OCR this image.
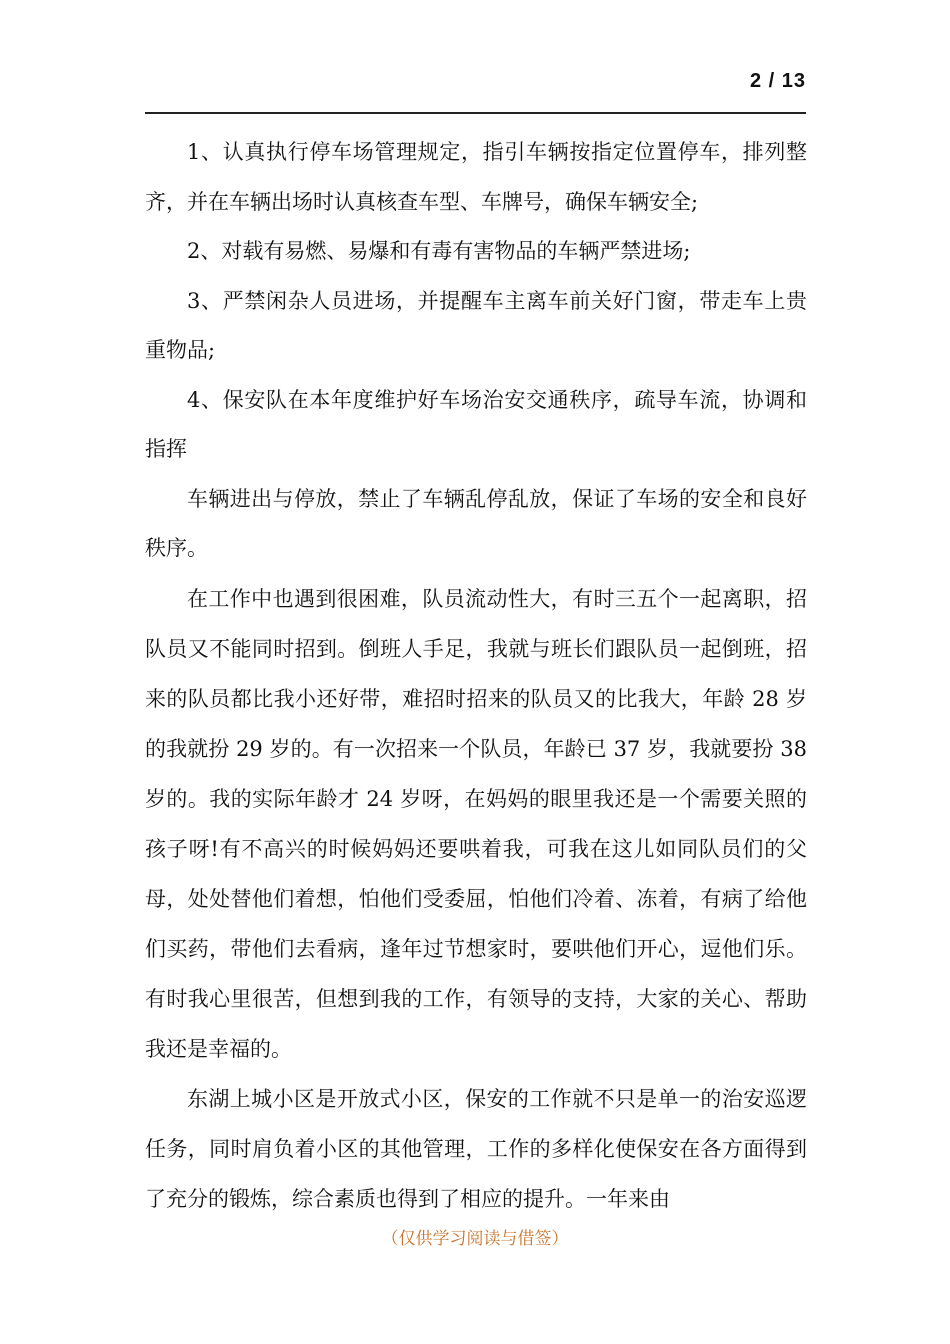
2 / 13

1、认真执行停车场管理规定，指引车辆按指定位置停车，排列整齐，并在车辆出场时认真核查车型、车牌号，确保车辆安全;

2、对载有易燃、易爆和有毒有害物品的车辆严禁进场;

3、严禁闲杂人员进场，并提醒车主离车前关好门窗，带走车上贵重物品;

4、保安队在本年度维护好车场治安交通秩序，疏导车流，协调和指挥

车辆进出与停放，禁止了车辆乱停乱放，保证了车场的安全和良好秩序。

在工作中也遇到很困难，队员流动性大，有时三五个一起离职，招队员又不能同时招到。倒班人手足，我就与班长们跟队员一起倒班，招来的队员都比我小还好带，难招时招来的队员又的比我大，年龄 28 岁的我就扮 29 岁的。有一次招来一个队员，年龄已 37 岁，我就要扮 38 岁的。我的实际年龄才 24 岁呀，在妈妈的眼里我还是一个需要关照的孩子呀!有不高兴的时候妈妈还要哄着我，可我在这儿如同队员们的父母，处处替他们着想，怕他们受委屈，怕他们冷着、冻着，有病了给他们买药，带他们去看病，逢年过节想家时，要哄他们开心，逗他们乐。有时我心里很苦，但想到我的工作，有领导的支持，大家的关心、帮助我还是幸福的。

东湖上城小区是开放式小区，保安的工作就不只是单一的治安巡逻任务，同时肩负着小区的其他管理，工作的多样化使保安在各方面得到了充分的锻炼，综合素质也得到了相应的提升。一年来由

（仅供学习阅读与借签）
